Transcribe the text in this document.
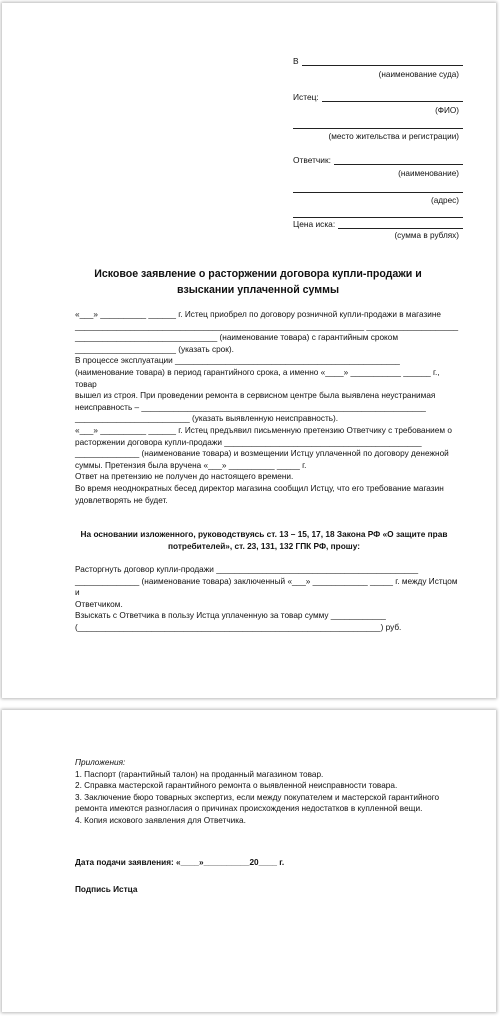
В
(наименование суда)
Истец:
(ФИО)
(место жительства и регистрации)
Ответчик:
(наименование)
(адрес)
Цена иска:
(сумма в рублях)
Исковое заявление о расторжении договора купли-продажи и взыскании уплаченной суммы

«___» __________ ______ г. Истец приобрел по договору розничной купли-продажи в магазине

_______________________________________________________________ ____________________

_______________________________ (наименование товара) с гарантийным сроком

______________________ (указать срок).

В процессе эксплуатации _________________________________________________

(наименование товара) в период гарантийного срока, а именно «____» ___________ ______ г., товар

вышел из строя. При проведении ремонта в сервисном центре была выявлена неустранимая

неисправность – ______________________________________________________________

_________________________ (указать выявленную неисправность).

«___» __________ ______ г. Истец предъявил письменную претензию Ответчику с требованием о

расторжении договора купли-продажи ___________________________________________

______________ (наименование товара) и возмещении Истцу уплаченной по договору денежной

суммы. Претензия была вручена «___» __________ _____ г.

Ответ на претензию не получен до настоящего времени.

Во время неоднократных бесед директор магазина сообщил Истцу, что его требование магазин

удовлетворять не будет.

На основании изложенного, руководствуясь ст. 13 – 15, 17, 18 Закона РФ «О защите прав потребителей», ст. 23, 131, 132 ГПК РФ, прошу:

Расторгнуть договор купли-продажи ____________________________________________

______________ (наименование товара) заключенный «___» ____________ _____ г. между Истцом и

Ответчиком.

Взыскать с Ответчика в пользу Истца уплаченную за товар сумму ____________

(__________________________________________________________________) руб.

Приложения:

1. Паспорт (гарантийный талон) на проданный магазином товар.

2. Справка мастерской гарантийного ремонта о выявленной неисправности товара.

3. Заключение бюро товарных экспертиз, если между покупателем и мастерской гарантийного

ремонта имеются разногласия о причинах происхождения недостатков в купленной вещи.

4. Копия искового заявления для Ответчика.

Дата подачи заявления: «____»__________20____ г.
Подпись Истца
